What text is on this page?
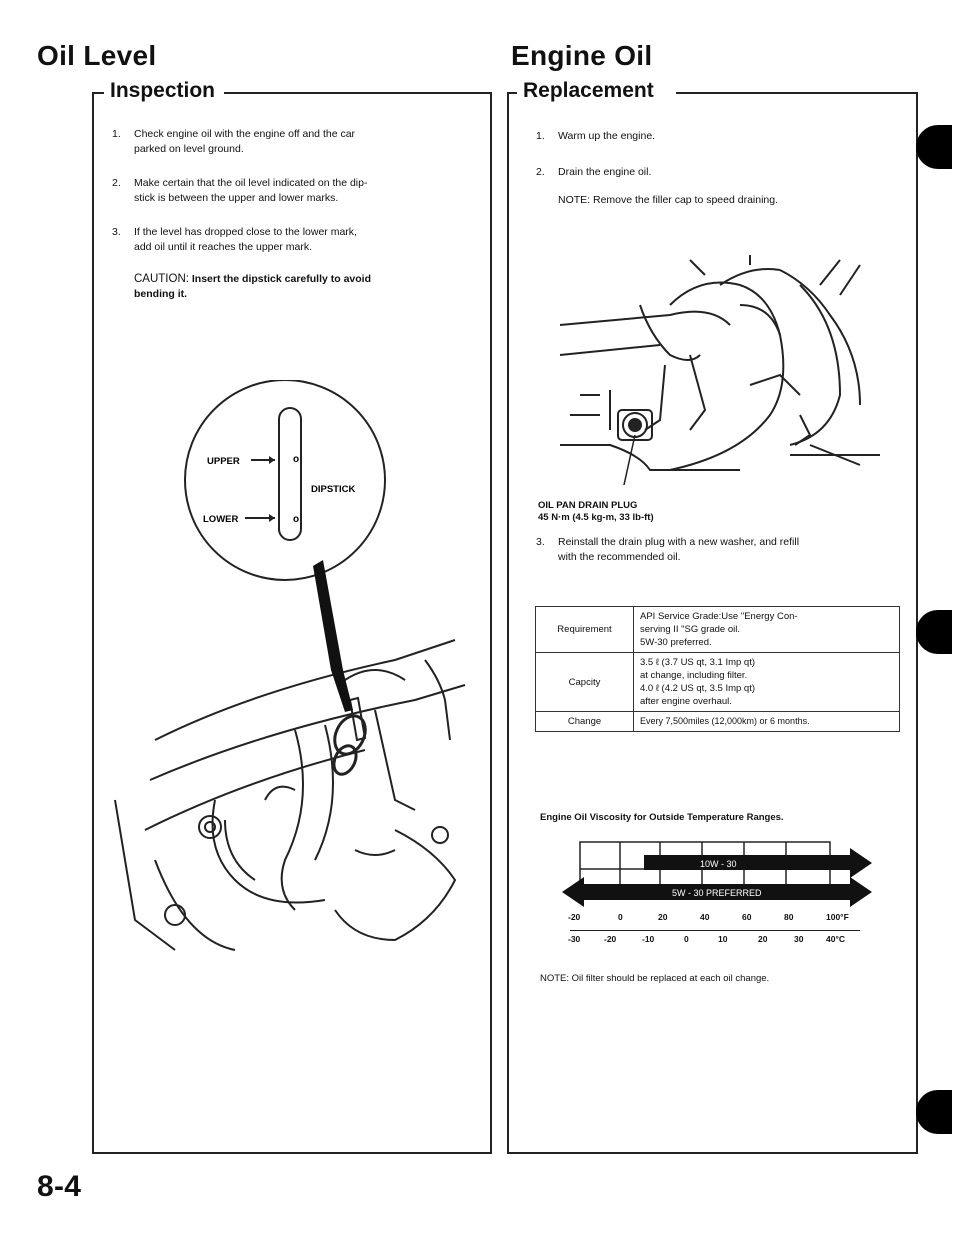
Oil Level
Inspection
1. Check engine oil with the engine off and the car
parked on level ground.
2. Make certain that the oil level indicated on the dip-
stick is between the upper and lower marks.
3. If the level has dropped close to the lower mark,
add oil until it reaches the upper mark.
CAUTION: Insert the dipstick carefully to avoid
bending it.
o
o
UPPER
LOWER
DIPSTICK
8-4
Engine Oil
Replacement
1. Warm up the engine.
2. Drain the engine oil.
NOTE: Remove the filler cap to speed draining.
OIL PAN DRAIN PLUG
45 N·m (4.5 kg-m, 33 lb-ft)
3. Reinstall the drain plug with a new washer, and refill
with the recommended oil.
Requirement	API Service Grade:Use "Energy Con-
serving II "SG grade oil.
5W-30 preferred.
Capcity	3.5 ℓ (3.7 US qt, 3.1 Imp qt)
at change, including filter.
4.0 ℓ (4.2 US qt, 3.5 Imp qt)
after engine overhaul.
Change	Every 7,500miles (12,000km) or 6 months.
Engine Oil Viscosity for Outside Temperature Ranges.
10W - 30
5W - 30 PREFERRED
-20	0	20	40	60	80	100°F
-30	-20	-10	0	10	20	30	40°C
NOTE: Oil filter should be replaced at each oil change.
